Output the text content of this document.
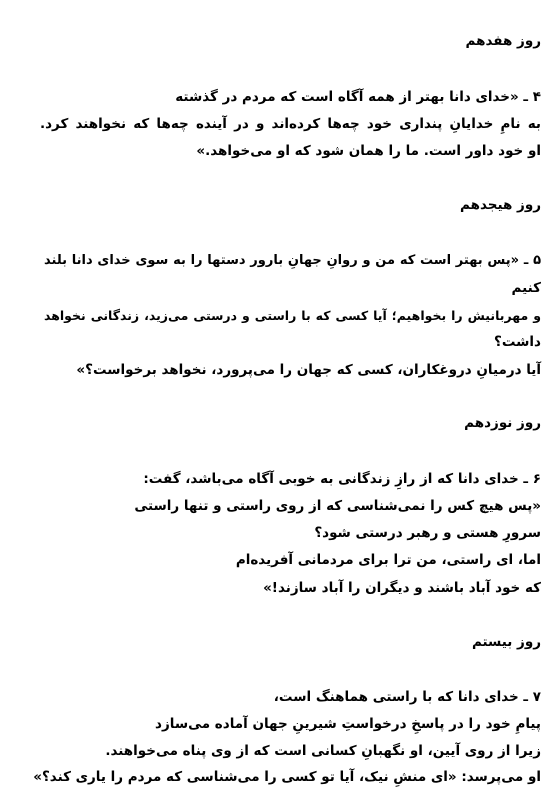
روز هفدهم
۴ ـ «خدای دانا بهتر از همه آگاه است که مردم در گذشته
به نامِ خدایانِ پنداری خود چه‌ها کرده‌اند و در آینده چه‌ها که نخواهند کرد.
او خود داور است. ما را همان شود که او می‌خواهد.»
روز هیجدهم
۵ ـ «پس بهتر است که من و روانِ جهانِ بارور دستها را به سوی خدای دانا بلند
کنیم
و مهربانیش را بخواهیم؛ آیا کسی که با راستی و درستی می‌زید، زندگانی نخواهد
داشت؟
آیا درمیانِ دروغکاران، کسی که جهان را می‌پرورد، نخواهد برخواست؟»
روز نوزدهم
۶ ـ خدای دانا که از رازِ زندگانی به خوبی آگاه می‌باشد، گفت:
«پس هیچ کس را نمی‌شناسی که از روی راستی و تنها راستی
سرورِ هستی و رهبر درستی شود؟
اما، ای راستی، من ترا برای مردمانی آفریده‌ام
که خود آباد باشند و دیگران را آباد سازند!»
روز بیستم
۷ ـ خدای دانا که با راستی هماهنگ است،
پیامِ خود را در پاسخِ درخواستِ شیرینِ جهان آماده می‌سازد
زیرا از روی آیین، او نگهبانِ کسانی است که از وی پناه می‌خواهند.
او می‌پرسد: «ای منشِ نیک، آیا تو کسی را می‌شناسی که مردم را یاری کند؟»
